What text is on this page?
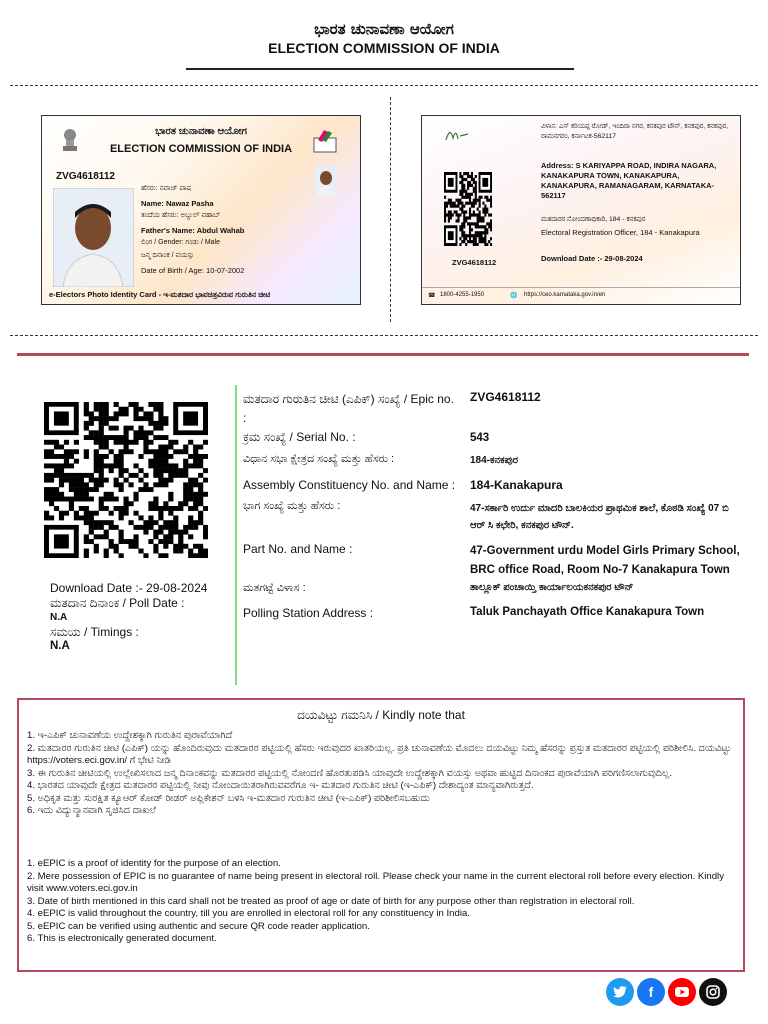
ಭಾರತ ಚುನಾವಣಾ ಆಯೋಗ
ELECTION COMMISSION OF INDIA
ಭಾರತ ಚುನಾವಣಾ ಆಯೋಗ
ELECTION COMMISSION OF INDIA
ZVG4618112
ಹೆಸರು: ನವಾಜ್ ಪಾಷ
Name: Nawaz Pasha
ತಂದೆಯ ಹೆಸರು: ಅಬ್ದುಲ್ ವಹಾಬ್
Father's Name: Abdul Wahab
ಲಿಂಗ / Gender: ಗಂಡು / Male
ಜನ್ಮ ದಿನಾಂಕ / ವಯಸ್ಸು
Date of Birth / Age: 10-07-2002
e-Electors Photo Identity Card - ಇ-ಮತದಾರ ಭಾವಚಿತ್ರವಿರುವ ಗುರುತಿನ ಚೀಟಿ
ವಿಳಾಸ: ಎಸ್ ಕರಿಯಪ್ಪ ರೋಡ್, ಇಂದಿರಾ ನಗರ, ಕನಕಪುರ ಟೌನ್, ಕನಕಪುರ, ಕನಕಪುರ, ರಾಮನಗರಂ, ಕರ್ನಾಟಕ-562117
Address: S KARIYAPPA ROAD, INDIRA NAGARA, KANAKAPURA TOWN, KANAKAPURA, KANAKAPURA, RAMANAGARAM, KARNATAKA- 562117
ಮತದಾರರ ನೋಂದಣಾಧಿಕಾರಿ, 184 - ಕನಕಪುರ
Electoral Registration Officer, 184 - Kanakapura
Download Date :- 29-08-2024
ZVG4618112
☎ 1800-4255-1950	🌐 https://ceo.karnataka.gov.in/en
Download Date :- 29-08-2024
ಮತದಾನ ದಿನಾಂಕ / Poll Date :
N.A
ಸಮಯ / Timings :
N.A
ಮತದಾರ ಗುರುತಿನ ಚೀಟಿ (ಎಪಿಕ್) ಸಂಖ್ಯೆ / Epic no. :
ZVG4618112
ಕ್ರಮ ಸಂಖ್ಯೆ / Serial No. :	543
ವಿಧಾನ ಸಭಾ ಕ್ಷೇತ್ರದ ಸಂಖ್ಯೆ ಮತ್ತು ಹೆಸರು :	184-ಕನಕಪುರ
Assembly Constituency No. and Name : 184-Kanakapura
ಭಾಗ ಸಂಖ್ಯೆ ಮತ್ತು ಹೆಸರು :	47-ಸರ್ಕಾರಿ ಉರ್ದು ಮಾದರಿ ಬಾಲಕಿಯರ ಪ್ರಾಥಮಿಕ ಶಾಲೆ, ಕೊಠಡಿ ಸಂಖ್ಯೆ 07 ಬಿ ಆರ್ ಸಿ ಕಛೇರಿ, ಕನಕಪುರ ಟೌನ್.
Part No. and Name :	47-Government urdu Model Girls Primary School, BRC office Road, Room No-7 Kanakapura Town
ಮತಗಟ್ಟೆ ವಿಳಾಸ :	ತಾಲ್ಲೂಕ್ ಪಂಚಾಯ್ತಿ ಕಾರ್ಯಾಲಯಕನಕಪುರ ಟೌನ್
Polling Station Address :	Taluk Panchayath Office Kanakapura Town
ದಯವಿಟ್ಟು ಗಮನಿಸಿ / Kindly note that
1. ಇ-ಎಪಿಕ್ ಚುನಾವಣೆಯ ಉದ್ದೇಶಕ್ಕಾಗಿ ಗುರುತಿನ ಪುರಾವೆಯಾಗಿದೆ
2. ಮತದಾರರ ಗುರುತಿನ ಚೀಟಿ (ಎಪಿಕ್) ಯನ್ನು ಹೊಂದಿರುವುದು ಮತದಾರರ ಪಟ್ಟಿಯಲ್ಲಿ ಹೆಸರು ಇರುವುದರ ಖಾತರಿಯಲ್ಲ. ಪ್ರತಿ ಚುನಾವಣೆಯ ಮೊದಲು ದಯವಿಟ್ಟು ನಿಮ್ಮ ಹೆಸರನ್ನು ಪ್ರಸ್ತುತ ಮತದಾರರ ಪಟ್ಟಿಯಲ್ಲಿ ಪರಿಶೀಲಿಸಿ. ದಯವಿಟ್ಟು https://voters.eci.gov.in/ ಗೆ ಭೇಟಿ ನೀಡಿ
3. ಈ ಗುರುತಿನ ಚೀಟಿಯಲ್ಲಿ ಉಲ್ಲೇಖಿಸಲಾದ ಜನ್ಮ ದಿನಾಂಕವನ್ನು ಮತದಾರರ ಪಟ್ಟಿಯಲ್ಲಿ ನೋಂದಣಿ ಹೊರತುಪಡಿಸಿ ಯಾವುದೇ ಉದ್ದೇಶಕ್ಕಾಗಿ ವಯಸ್ಸು ಅಥವಾ ಹುಟ್ಟಿದ ದಿನಾಂಕದ ಪುರಾವೆಯಾಗಿ ಪರಿಗಣಿಸಲಾಗುವುದಿಲ್ಲ.
4. ಭಾರತದ ಯಾವುದೇ ಕ್ಷೇತ್ರದ ಮತದಾರರ ಪಟ್ಟಿಯಲ್ಲಿ ನೀವು ನೋಂದಾಯಿತರಾಗಿರುವವರೆಗೂ ಇ- ಮತದಾರ ಗುರುತಿನ ಚೀಟಿ (ಇ-ಎಪಿಕ್) ದೇಶಾದ್ಯಂತ ಮಾನ್ಯವಾಗಿರುತ್ತದೆ.
5. ಅಧಿಕೃತ ಮತ್ತು ಸುರಕ್ಷಿತ ಕ್ಯೂಆರ್ ಕೋಡ್ ರೀಡರ್ ಅಪ್ಲಿಕೇಶನ್ ಬಳಸಿ ಇ-ಮತದಾರ ಗುರುತಿನ ಚೀಟಿ (ಇ-ಎಪಿಕ್) ಪರಿಶೀಲಿಸಬಹುದು
6. ಇದು ವಿದ್ಯುನ್ಮಾನವಾಗಿ ಸೃಜಿಸಿದ ದಾಖಲೆ
1. eEPIC is a proof of identity for the purpose of an election.
2. Mere possession of EPIC is no guarantee of name being present in electoral roll. Please check your name in the current electoral roll before every election. Kindly visit www.voters.eci.gov.in
3. Date of birth mentioned in this card shall not be treated as proof of age or date of birth for any purpose other than registration in electoral roll.
4. eEPIC is valid throughout the country, till you are enrolled in electoral roll for any constituency in India.
5. eEPIC can be verified using authentic and secure QR code reader application.
6. This is electronically generated document.
f
